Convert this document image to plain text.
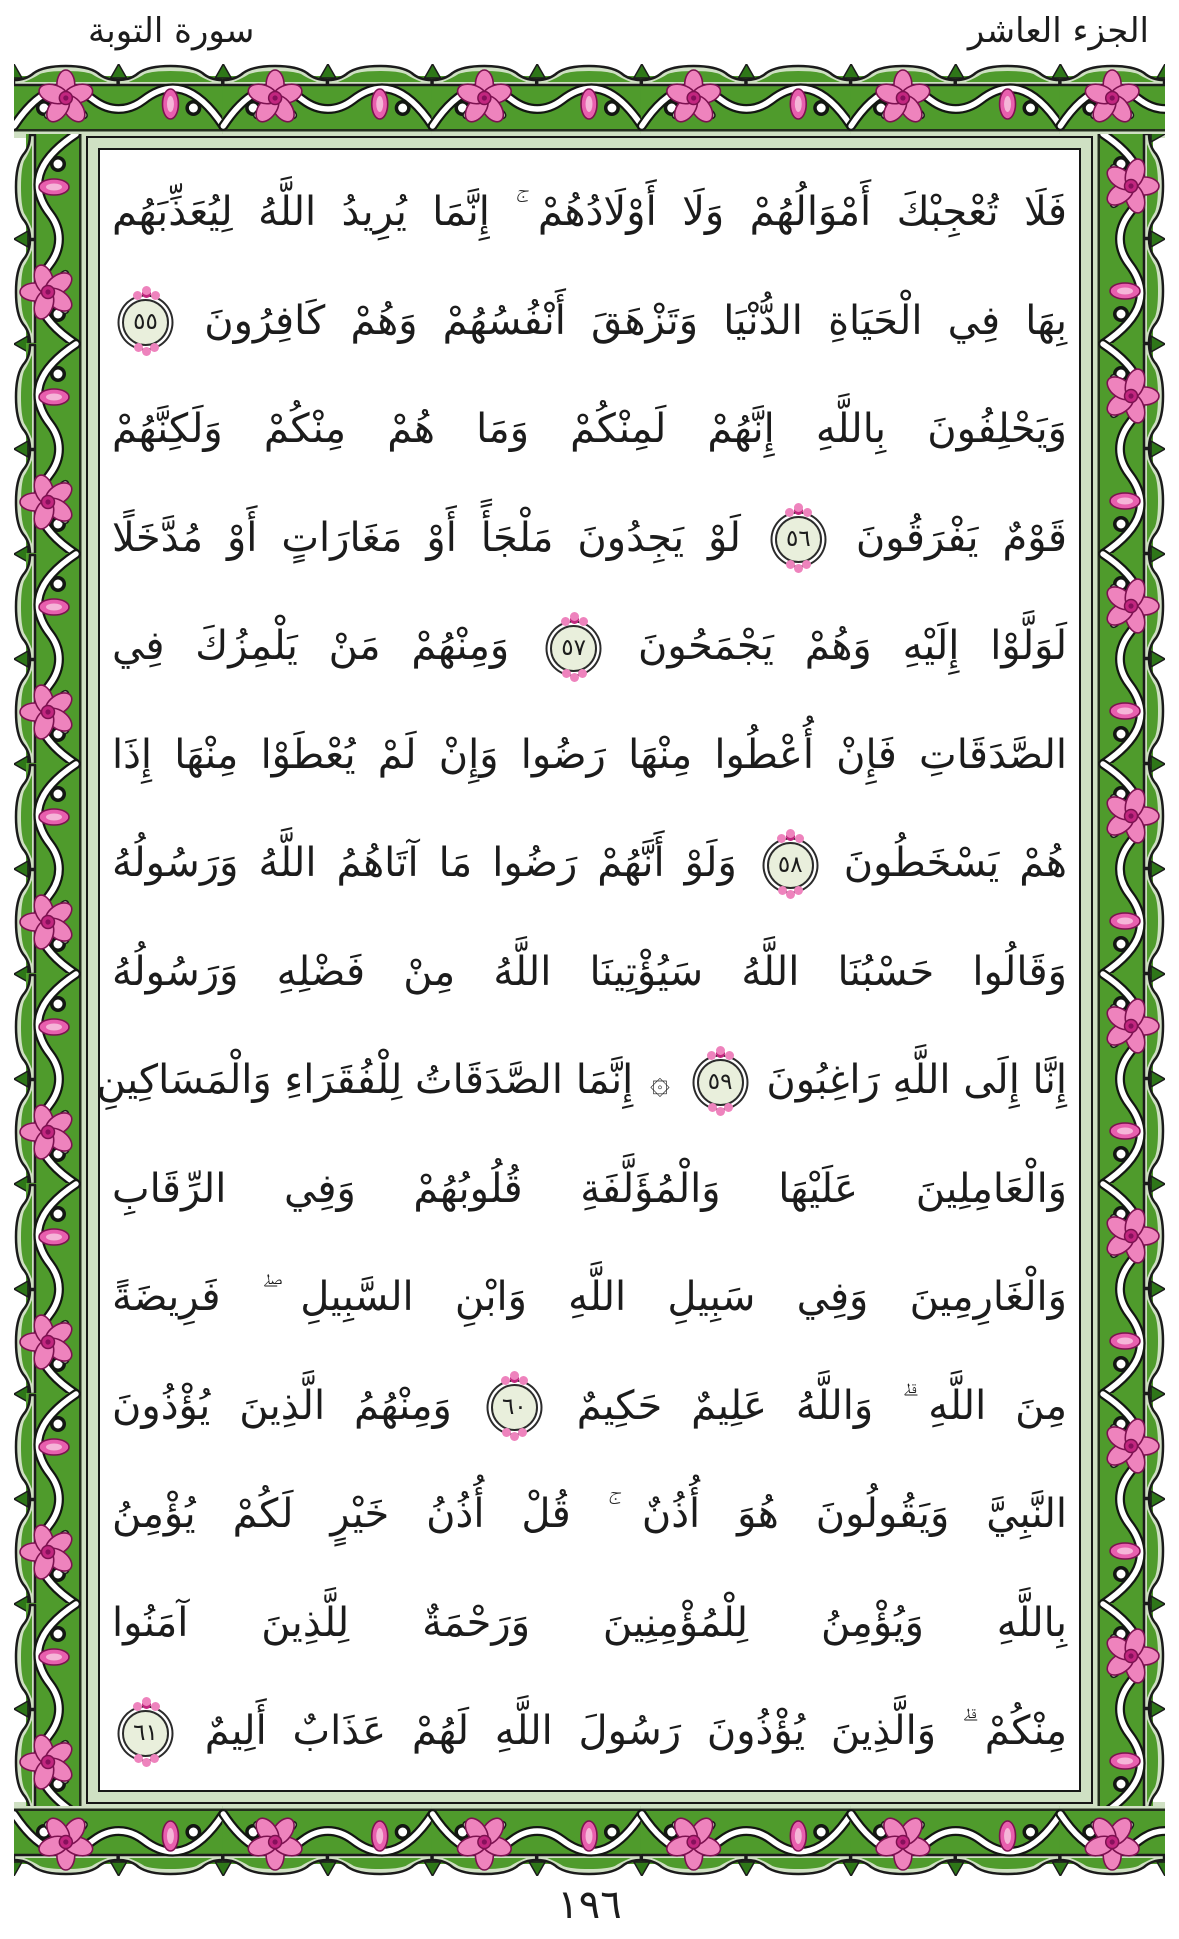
الجزء العاشر
سورة التوبة
فَلَا تُعْجِبْكَ أَمْوَالُهُمْ وَلَا أَوْلَادُهُمْ ۚ إِنَّمَا يُرِيدُ اللَّهُ لِيُعَذِّبَهُم
بِهَا فِي الْحَيَاةِ الدُّنْيَا وَتَزْهَقَ أَنْفُسُهُمْ وَهُمْ كَافِرُونَ ٥٥
وَيَحْلِفُونَ بِاللَّهِ إِنَّهُمْ لَمِنْكُمْ وَمَا هُمْ مِنْكُمْ وَلَكِنَّهُمْ
قَوْمٌ يَفْرَقُونَ ٥٦ لَوْ يَجِدُونَ مَلْجَأً أَوْ مَغَارَاتٍ أَوْ مُدَّخَلًا
لَوَلَّوْا إِلَيْهِ وَهُمْ يَجْمَحُونَ ٥٧ وَمِنْهُمْ مَنْ يَلْمِزُكَ فِي
الصَّدَقَاتِ فَإِنْ أُعْطُوا مِنْهَا رَضُوا وَإِنْ لَمْ يُعْطَوْا مِنْهَا إِذَا
هُمْ يَسْخَطُونَ ٥٨ وَلَوْ أَنَّهُمْ رَضُوا مَا آتَاهُمُ اللَّهُ وَرَسُولُهُ
وَقَالُوا حَسْبُنَا اللَّهُ سَيُؤْتِينَا اللَّهُ مِنْ فَضْلِهِ وَرَسُولُهُ
إِنَّا إِلَى اللَّهِ رَاغِبُونَ ٥٩ ۞ إِنَّمَا الصَّدَقَاتُ لِلْفُقَرَاءِ وَالْمَسَاكِينِ
وَالْعَامِلِينَ عَلَيْهَا وَالْمُؤَلَّفَةِ قُلُوبُهُمْ وَفِي الرِّقَابِ
وَالْغَارِمِينَ وَفِي سَبِيلِ اللَّهِ وَابْنِ السَّبِيلِ ۖ فَرِيضَةً
مِنَ اللَّهِ ۗ وَاللَّهُ عَلِيمٌ حَكِيمٌ ٦٠ وَمِنْهُمُ الَّذِينَ يُؤْذُونَ
النَّبِيَّ وَيَقُولُونَ هُوَ أُذُنٌ ۚ قُلْ أُذُنُ خَيْرٍ لَكُمْ يُؤْمِنُ
بِاللَّهِ وَيُؤْمِنُ لِلْمُؤْمِنِينَ وَرَحْمَةٌ لِلَّذِينَ آمَنُوا
مِنْكُمْ ۗ وَالَّذِينَ يُؤْذُونَ رَسُولَ اللَّهِ لَهُمْ عَذَابٌ أَلِيمٌ ٦١
١٩٦
